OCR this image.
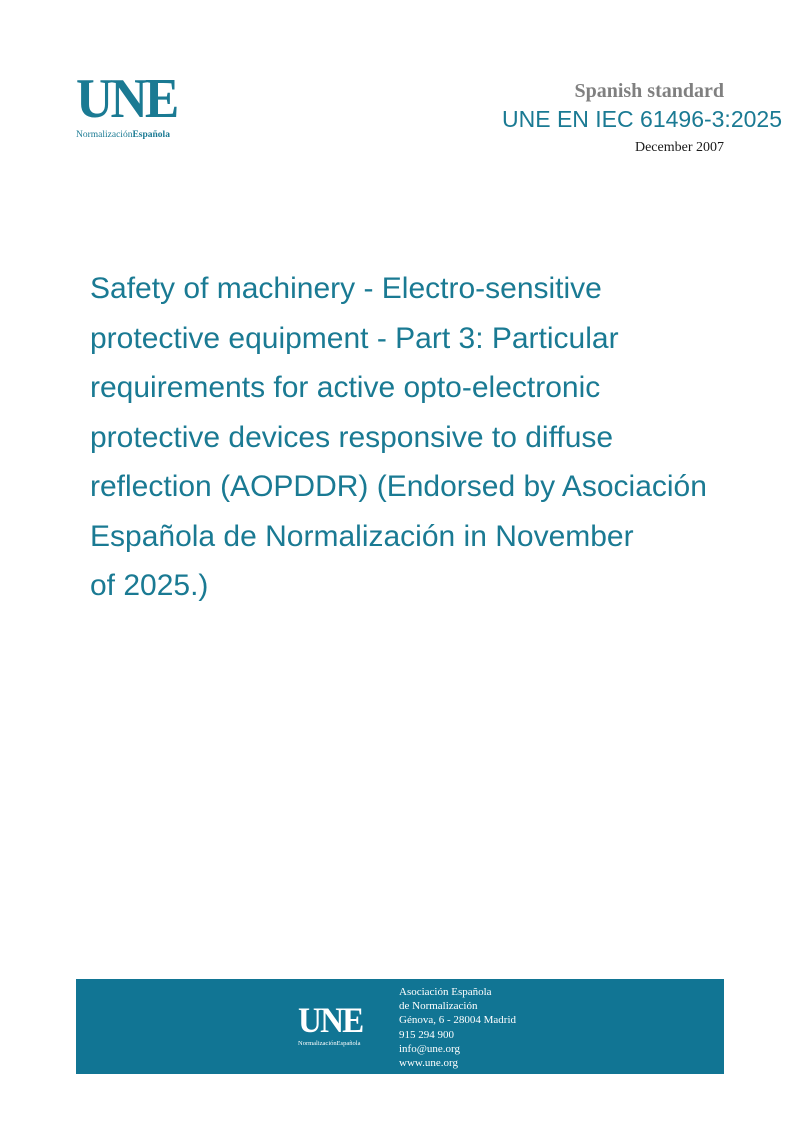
UNE
NormalizaciónEspañola
Spanish standard
UNE EN IEC 61496-3:2025
December 2007
Safety of machinery - Electro-sensitive
protective equipment - Part 3: Particular
requirements for active opto-electronic
protective devices responsive to diffuse
reflection (AOPDDR) (Endorsed by Asociación
Española de Normalización in November
of 2025.)
UNE
NormalizaciónEspañola
Asociación Española
de Normalización
Génova, 6 - 28004 Madrid
915 294 900
info@une.org
www.une.org
